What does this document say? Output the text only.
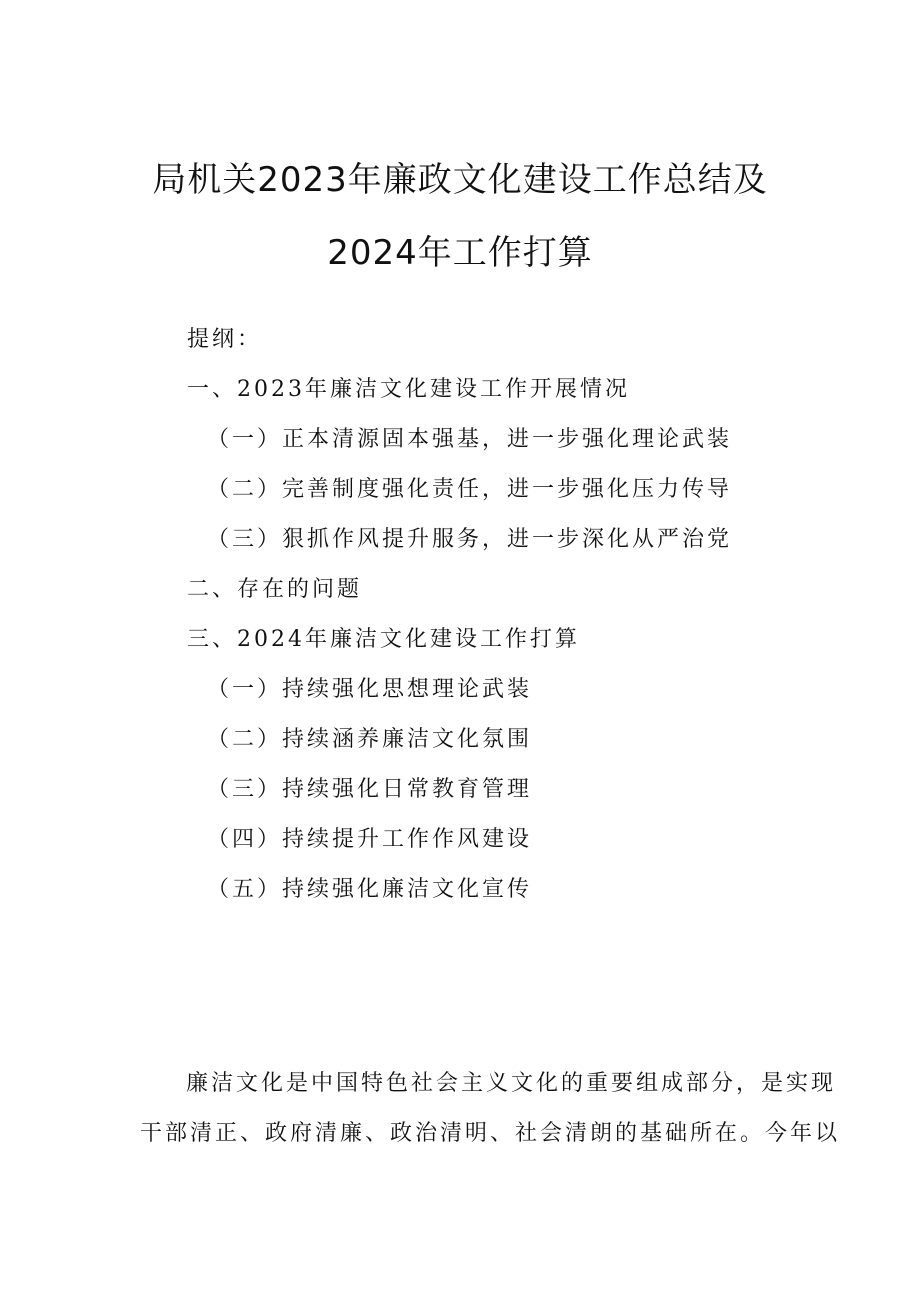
局机关2023年廉政文化建设工作总结及
2024年工作打算
提纲：
一、2023年廉洁文化建设工作开展情况
（一）正本清源固本强基，进一步强化理论武装
（二）完善制度强化责任，进一步强化压力传导
（三）狠抓作风提升服务，进一步深化从严治党
二、存在的问题
三、2024年廉洁文化建设工作打算
（一）持续强化思想理论武装
（二）持续涵养廉洁文化氛围
（三）持续强化日常教育管理
（四）持续提升工作作风建设
（五）持续强化廉洁文化宣传
廉洁文化是中国特色社会主义文化的重要组成部分，是实现
干部清正、政府清廉、政治清明、社会清朗的基础所在。今年以
